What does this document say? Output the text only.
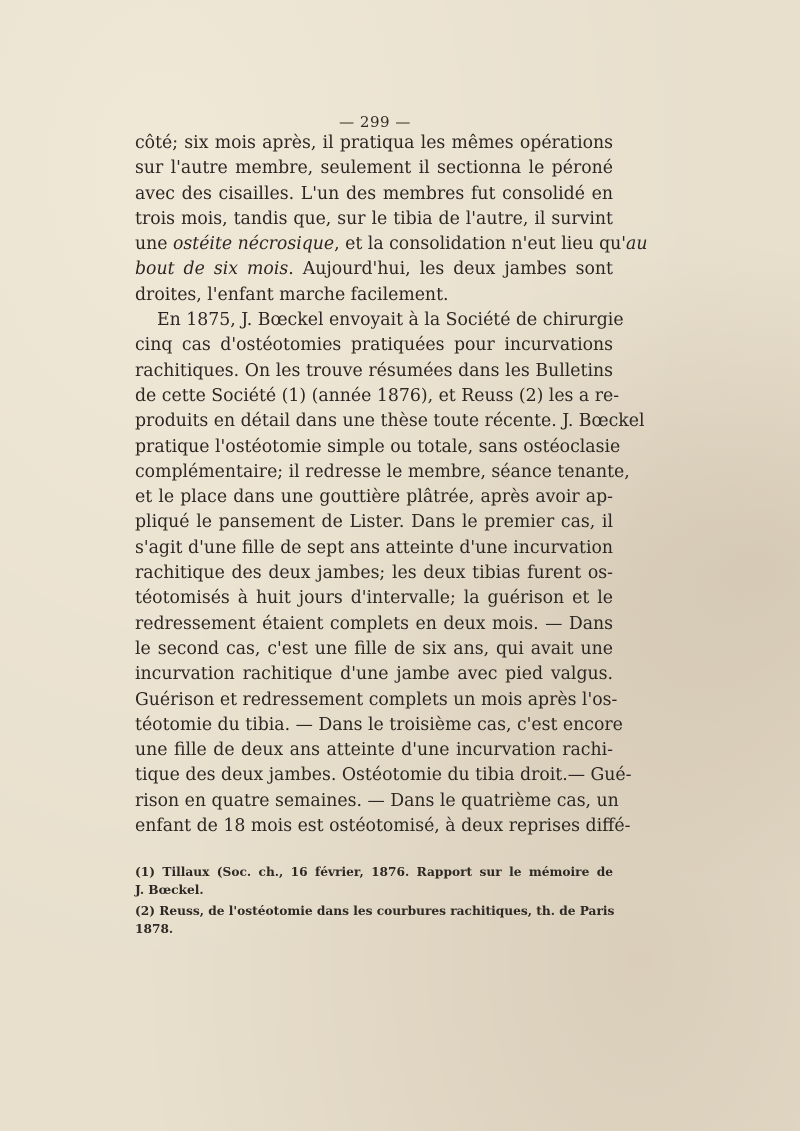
— 299 —
côté; six mois après, il pratiqua les mêmes opérations
sur l'autre membre, seulement il sectionna le péroné
avec des cisailles. L'un des membres fut consolidé en
trois mois, tandis que, sur le tibia de l'autre, il survint
une ostéite nécrosique, et la consolidation n'eut lieu qu'au
bout de six mois. Aujourd'hui, les deux jambes sont
droites, l'enfant marche facilement.
En 1875, J. Bœckel envoyait à la Société de chirurgie
cinq cas d'ostéotomies pratiquées pour incurvations
rachitiques. On les trouve résumées dans les Bulletins
de cette Société (1) (année 1876), et Reuss (2) les a re-
produits en détail dans une thèse toute récente. J. Bœckel
pratique l'ostéotomie simple ou totale, sans ostéoclasie
complémentaire; il redresse le membre, séance tenante,
et le place dans une gouttière plâtrée, après avoir ap-
pliqué le pansement de Lister. Dans le premier cas, il
s'agit d'une fille de sept ans atteinte d'une incurvation
rachitique des deux jambes; les deux tibias furent os-
téotomisés à huit jours d'intervalle; la guérison et le
redressement étaient complets en deux mois. — Dans
le second cas, c'est une fille de six ans, qui avait une
incurvation rachitique d'une jambe avec pied valgus.
Guérison et redressement complets un mois après l'os-
téotomie du tibia. — Dans le troisième cas, c'est encore
une fille de deux ans atteinte d'une incurvation rachi-
tique des deux jambes. Ostéotomie du tibia droit.— Gué-
rison en quatre semaines. — Dans le quatrième cas, un
enfant de 18 mois est ostéotomisé, à deux reprises diffé-
(1) Tillaux (Soc. ch., 16 février, 1876. Rapport sur le mémoire de
J. Bœckel.
(2) Reuss, de l'ostéotomie dans les courbures rachitiques, th. de Paris
1878.
